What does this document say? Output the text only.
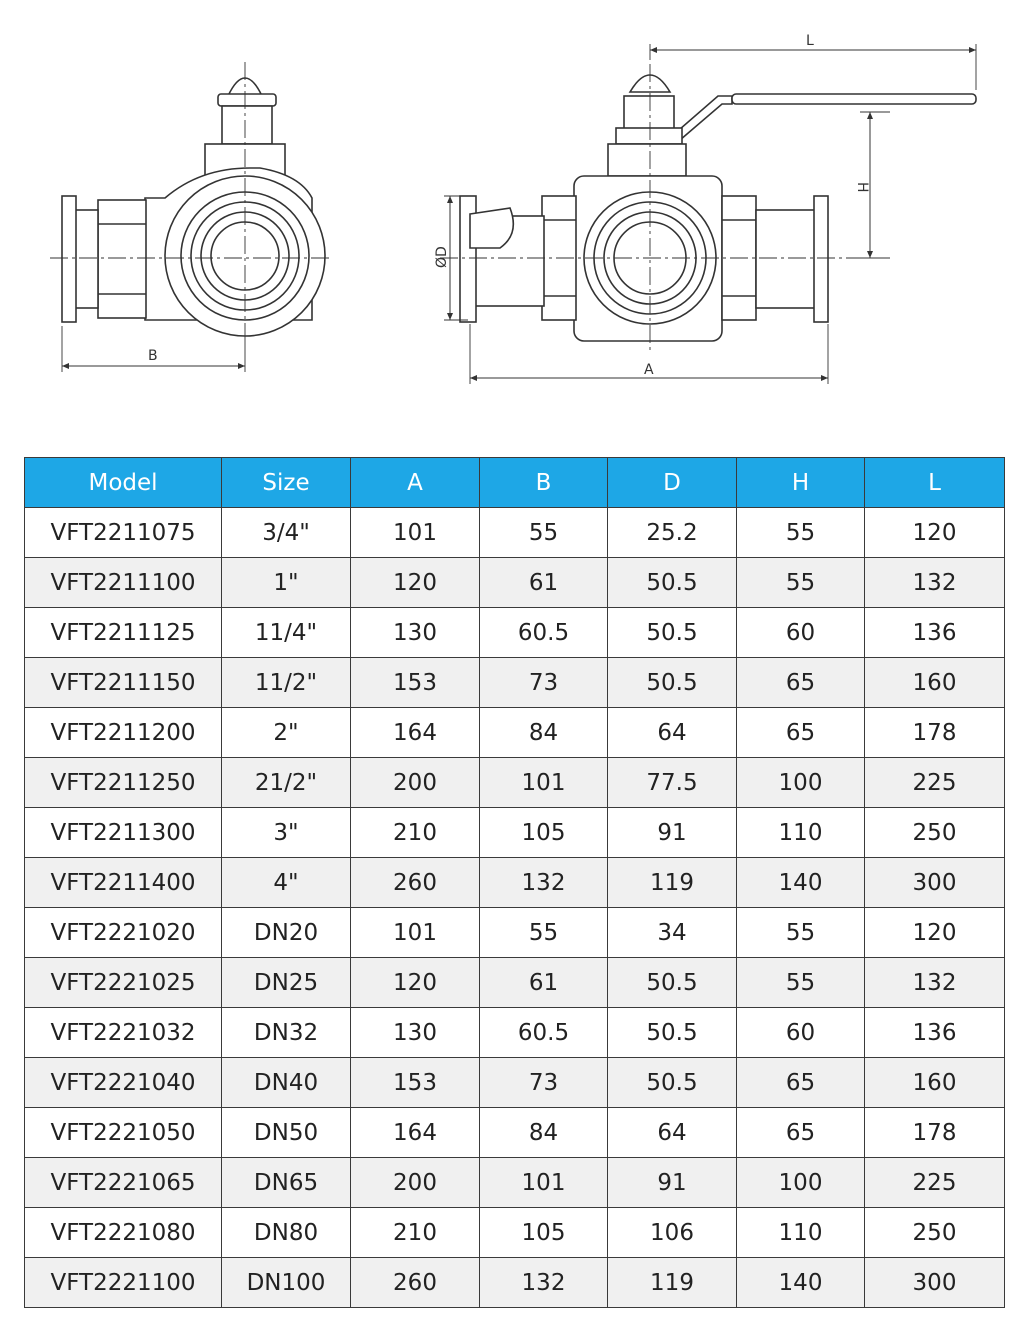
B
L
H
ØD
A
Model	Size	A	B	D	H	L
VFT2211075	3/4"	101	55	25.2	55	120
VFT2211100	1"	120	61	50.5	55	132
VFT2211125	11/4"	130	60.5	50.5	60	136
VFT2211150	11/2"	153	73	50.5	65	160
VFT2211200	2"	164	84	64	65	178
VFT2211250	21/2"	200	101	77.5	100	225
VFT2211300	3"	210	105	91	110	250
VFT2211400	4"	260	132	119	140	300
VFT2221020	DN20	101	55	34	55	120
VFT2221025	DN25	120	61	50.5	55	132
VFT2221032	DN32	130	60.5	50.5	60	136
VFT2221040	DN40	153	73	50.5	65	160
VFT2221050	DN50	164	84	64	65	178
VFT2221065	DN65	200	101	91	100	225
VFT2221080	DN80	210	105	106	110	250
VFT2221100	DN100	260	132	119	140	300
